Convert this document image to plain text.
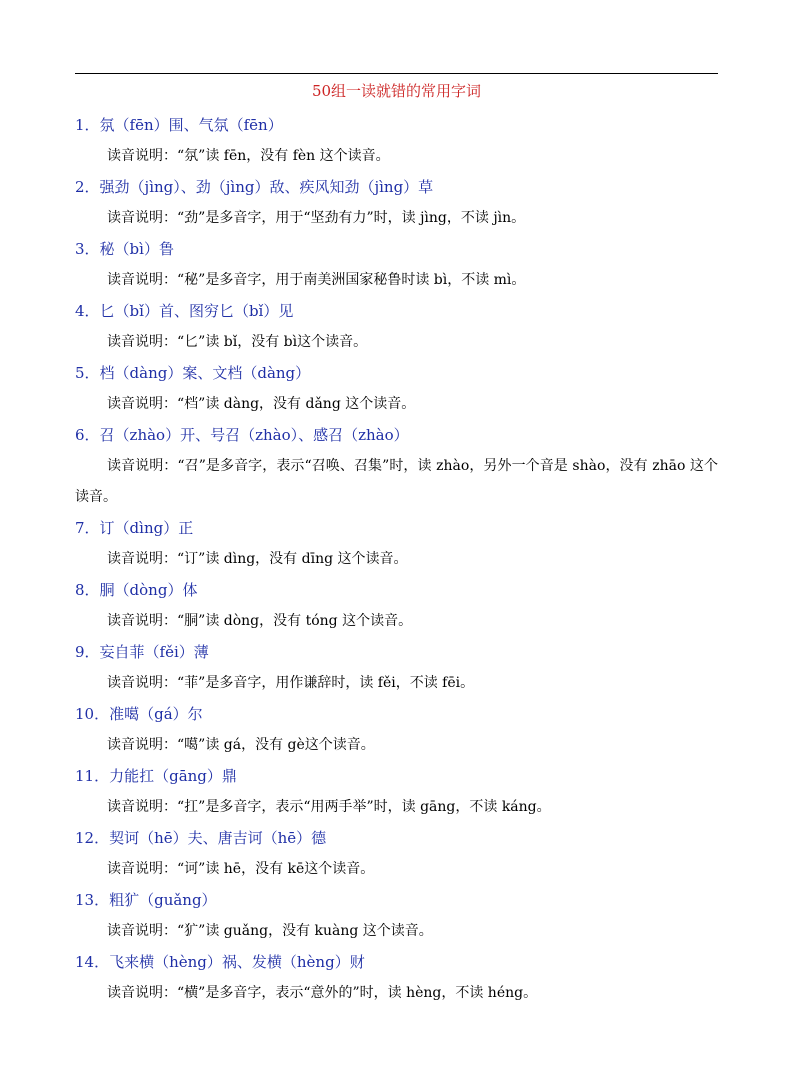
50组一读就错的常用字词
1．氛（fēn）围、气氛（fēn）

读音说明：“氛”读 fēn，没有 fèn 这个读音。

2．强劲（jìng）、劲（jìng）敌、疾风知劲（jìng）草

读音说明：“劲”是多音字，用于“坚劲有力”时，读 jìng，不读 jìn。

3．秘（bì）鲁

读音说明：“秘”是多音字，用于南美洲国家秘鲁时读 bì，不读 mì。

4．匕（bǐ）首、图穷匕（bǐ）见

读音说明：“匕”读 bǐ，没有 bì这个读音。

5．档（dàng）案、文档（dàng）

读音说明：“档”读 dàng，没有 dǎng 这个读音。

6．召（zhào）开、号召（zhào）、感召（zhào）

读音说明：“召”是多音字，表示“召唤、召集”时，读 zhào，另外一个音是 shào，没有 zhāo 这个读音。

7．订（dìng）正

读音说明：“订”读 dìng，没有 dīng 这个读音。

8．胴（dòng）体

读音说明：“胴”读 dòng，没有 tóng 这个读音。

9．妄自菲（fěi）薄

读音说明：“菲”是多音字，用作谦辞时，读 fěi，不读 fēi。

10．准噶（gá）尔

读音说明：“噶”读 gá，没有 gè这个读音。

11．力能扛（gāng）鼎

读音说明：“扛”是多音字，表示“用两手举”时，读 gāng，不读 káng。

12．契诃（hē）夫、唐吉诃（hē）德

读音说明：“诃”读 hē，没有 kē这个读音。

13．粗犷（guǎng）

读音说明：“犷”读 guǎng，没有 kuàng 这个读音。

14．飞来横（hèng）祸、发横（hèng）财

读音说明：“横”是多音字，表示“意外的”时，读 hèng，不读 héng。
